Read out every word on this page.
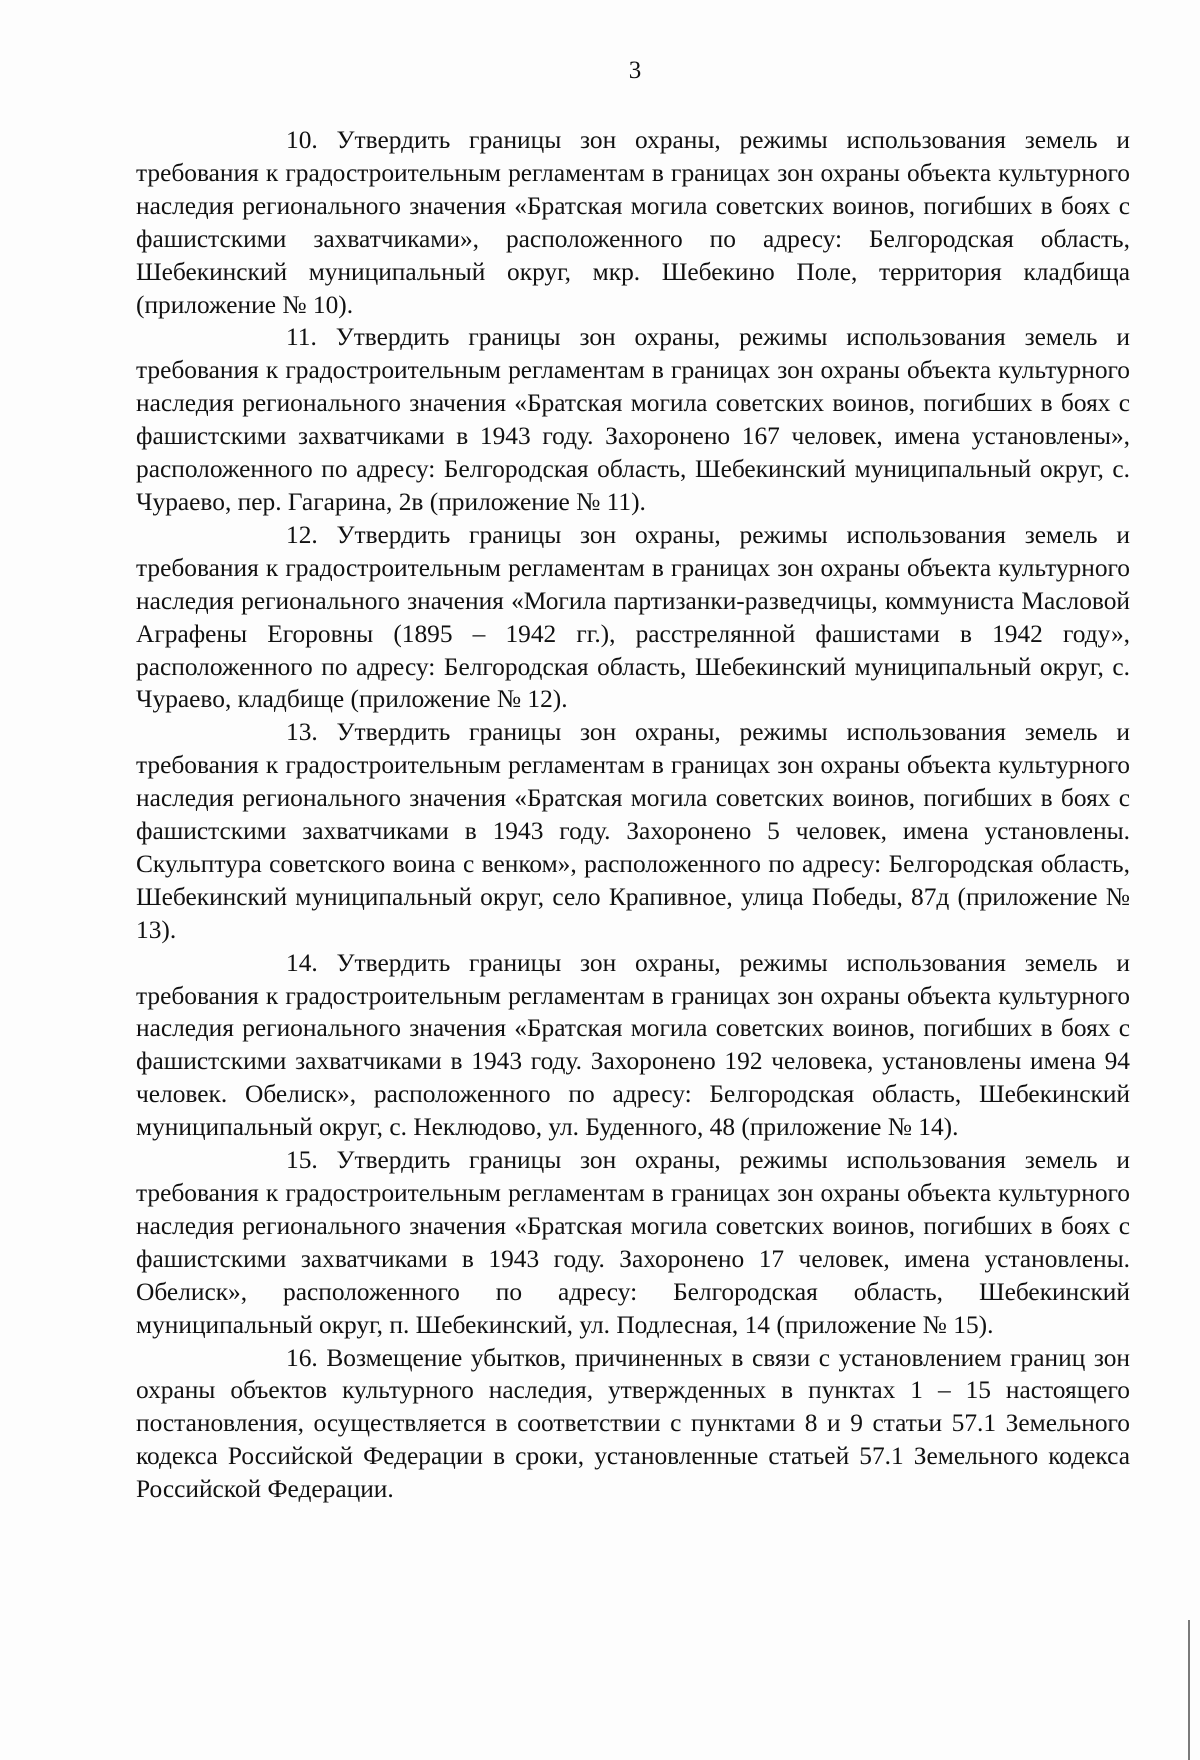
3

10. Утвердить границы зон охраны, режимы использования земель и требования к градостроительным регламентам в границах зон охраны объекта культурного наследия регионального значения «Братская могила советских воинов, погибших в боях с фашистскими захватчиками», расположенного по адресу: Белгородская область, Шебекинский муниципальный округ, мкр. Шебекино Поле, территория кладбища (приложение № 10).

11. Утвердить границы зон охраны, режимы использования земель и требования к градостроительным регламентам в границах зон охраны объекта культурного наследия регионального значения «Братская могила советских воинов, погибших в боях с фашистскими захватчиками в 1943 году. Захоронено 167 человек, имена установлены», расположенного по адресу: Белгородская область, Шебекинский муниципальный округ, с. Чураево, пер. Гагарина, 2в (приложение № 11).

12. Утвердить границы зон охраны, режимы использования земель и требования к градостроительным регламентам в границах зон охраны объекта культурного наследия регионального значения «Могила партизанки-разведчицы, коммуниста Масловой Аграфены Егоровны (1895 – 1942 гг.), расстрелянной фашистами в 1942 году», расположенного по адресу: Белгородская область, Шебекинский муниципальный округ, с. Чураево, кладбище (приложение № 12).

13. Утвердить границы зон охраны, режимы использования земель и требования к градостроительным регламентам в границах зон охраны объекта культурного наследия регионального значения «Братская могила советских воинов, погибших в боях с фашистскими захватчиками в 1943 году. Захоронено 5 человек, имена установлены. Скульптура советского воина с венком», расположенного по адресу: Белгородская область, Шебекинский муниципальный округ, село Крапивное, улица Победы, 87д (приложение № 13).

14. Утвердить границы зон охраны, режимы использования земель и требования к градостроительным регламентам в границах зон охраны объекта культурного наследия регионального значения «Братская могила советских воинов, погибших в боях с фашистскими захватчиками в 1943 году. Захоронено 192 человека, установлены имена 94 человек. Обелиск», расположенного по адресу: Белгородская область, Шебекинский муниципальный округ, с. Неклюдово, ул. Буденного, 48 (приложение № 14).

15. Утвердить границы зон охраны, режимы использования земель и требования к градостроительным регламентам в границах зон охраны объекта культурного наследия регионального значения «Братская могила советских воинов, погибших в боях с фашистскими захватчиками в 1943 году. Захоронено 17 человек, имена установлены. Обелиск», расположенного по адресу: Белгородская область, Шебекинский муниципальный округ, п. Шебекинский, ул. Подлесная, 14 (приложение № 15).

16. Возмещение убытков, причиненных в связи с установлением границ зон охраны объектов культурного наследия, утвержденных в пунктах 1 – 15 настоящего постановления, осуществляется в соответствии с пунктами 8 и 9 статьи 57.1 Земельного кодекса Российской Федерации в сроки, установленные статьей 57.1 Земельного кодекса Российской Федерации.
